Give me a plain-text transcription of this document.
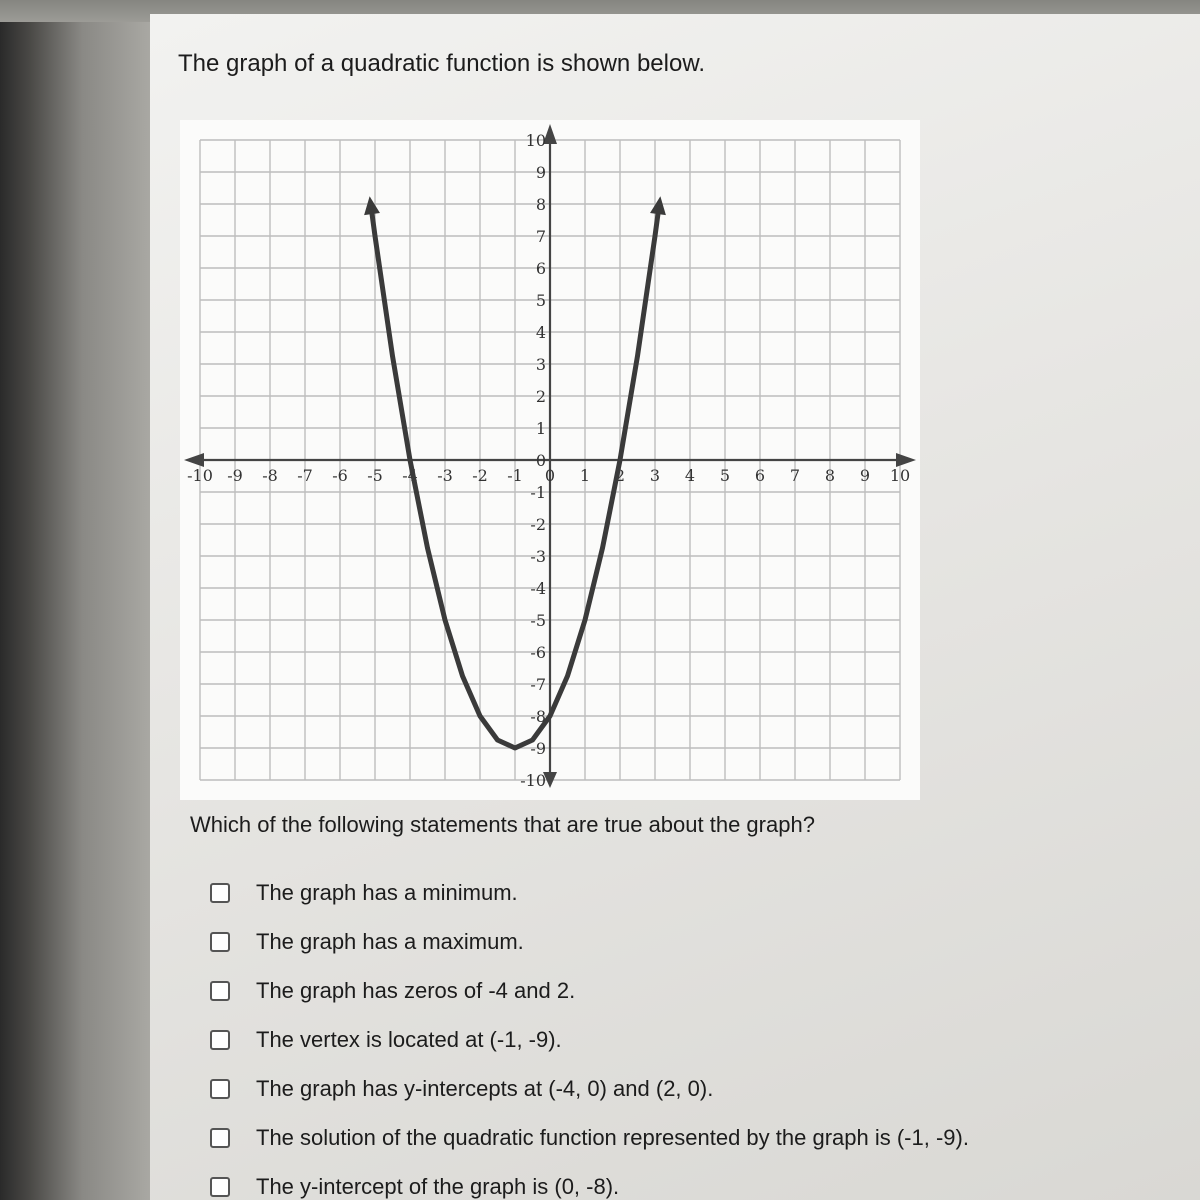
The graph of a quadratic function is shown below.
-10 -9 -8 -7 -6 -5 -4 -3 -2 -1 0 1 2 3 4 5 6 7 8 9 10
10
9
8
7
6
5
4
3
2
1
0
-1
-2
-3
-4
-5
-6
-7
-8
-9
-10
Which of the following statements that are true about the graph?
The graph has a minimum.
The graph has a maximum.
The graph has zeros of -4 and 2.
The vertex is located at (-1, -9).
The graph has y-intercepts at (-4, 0) and (2, 0).
The solution of the quadratic function represented by the graph is (-1, -9).
The y-intercept of the graph is (0, -8).
